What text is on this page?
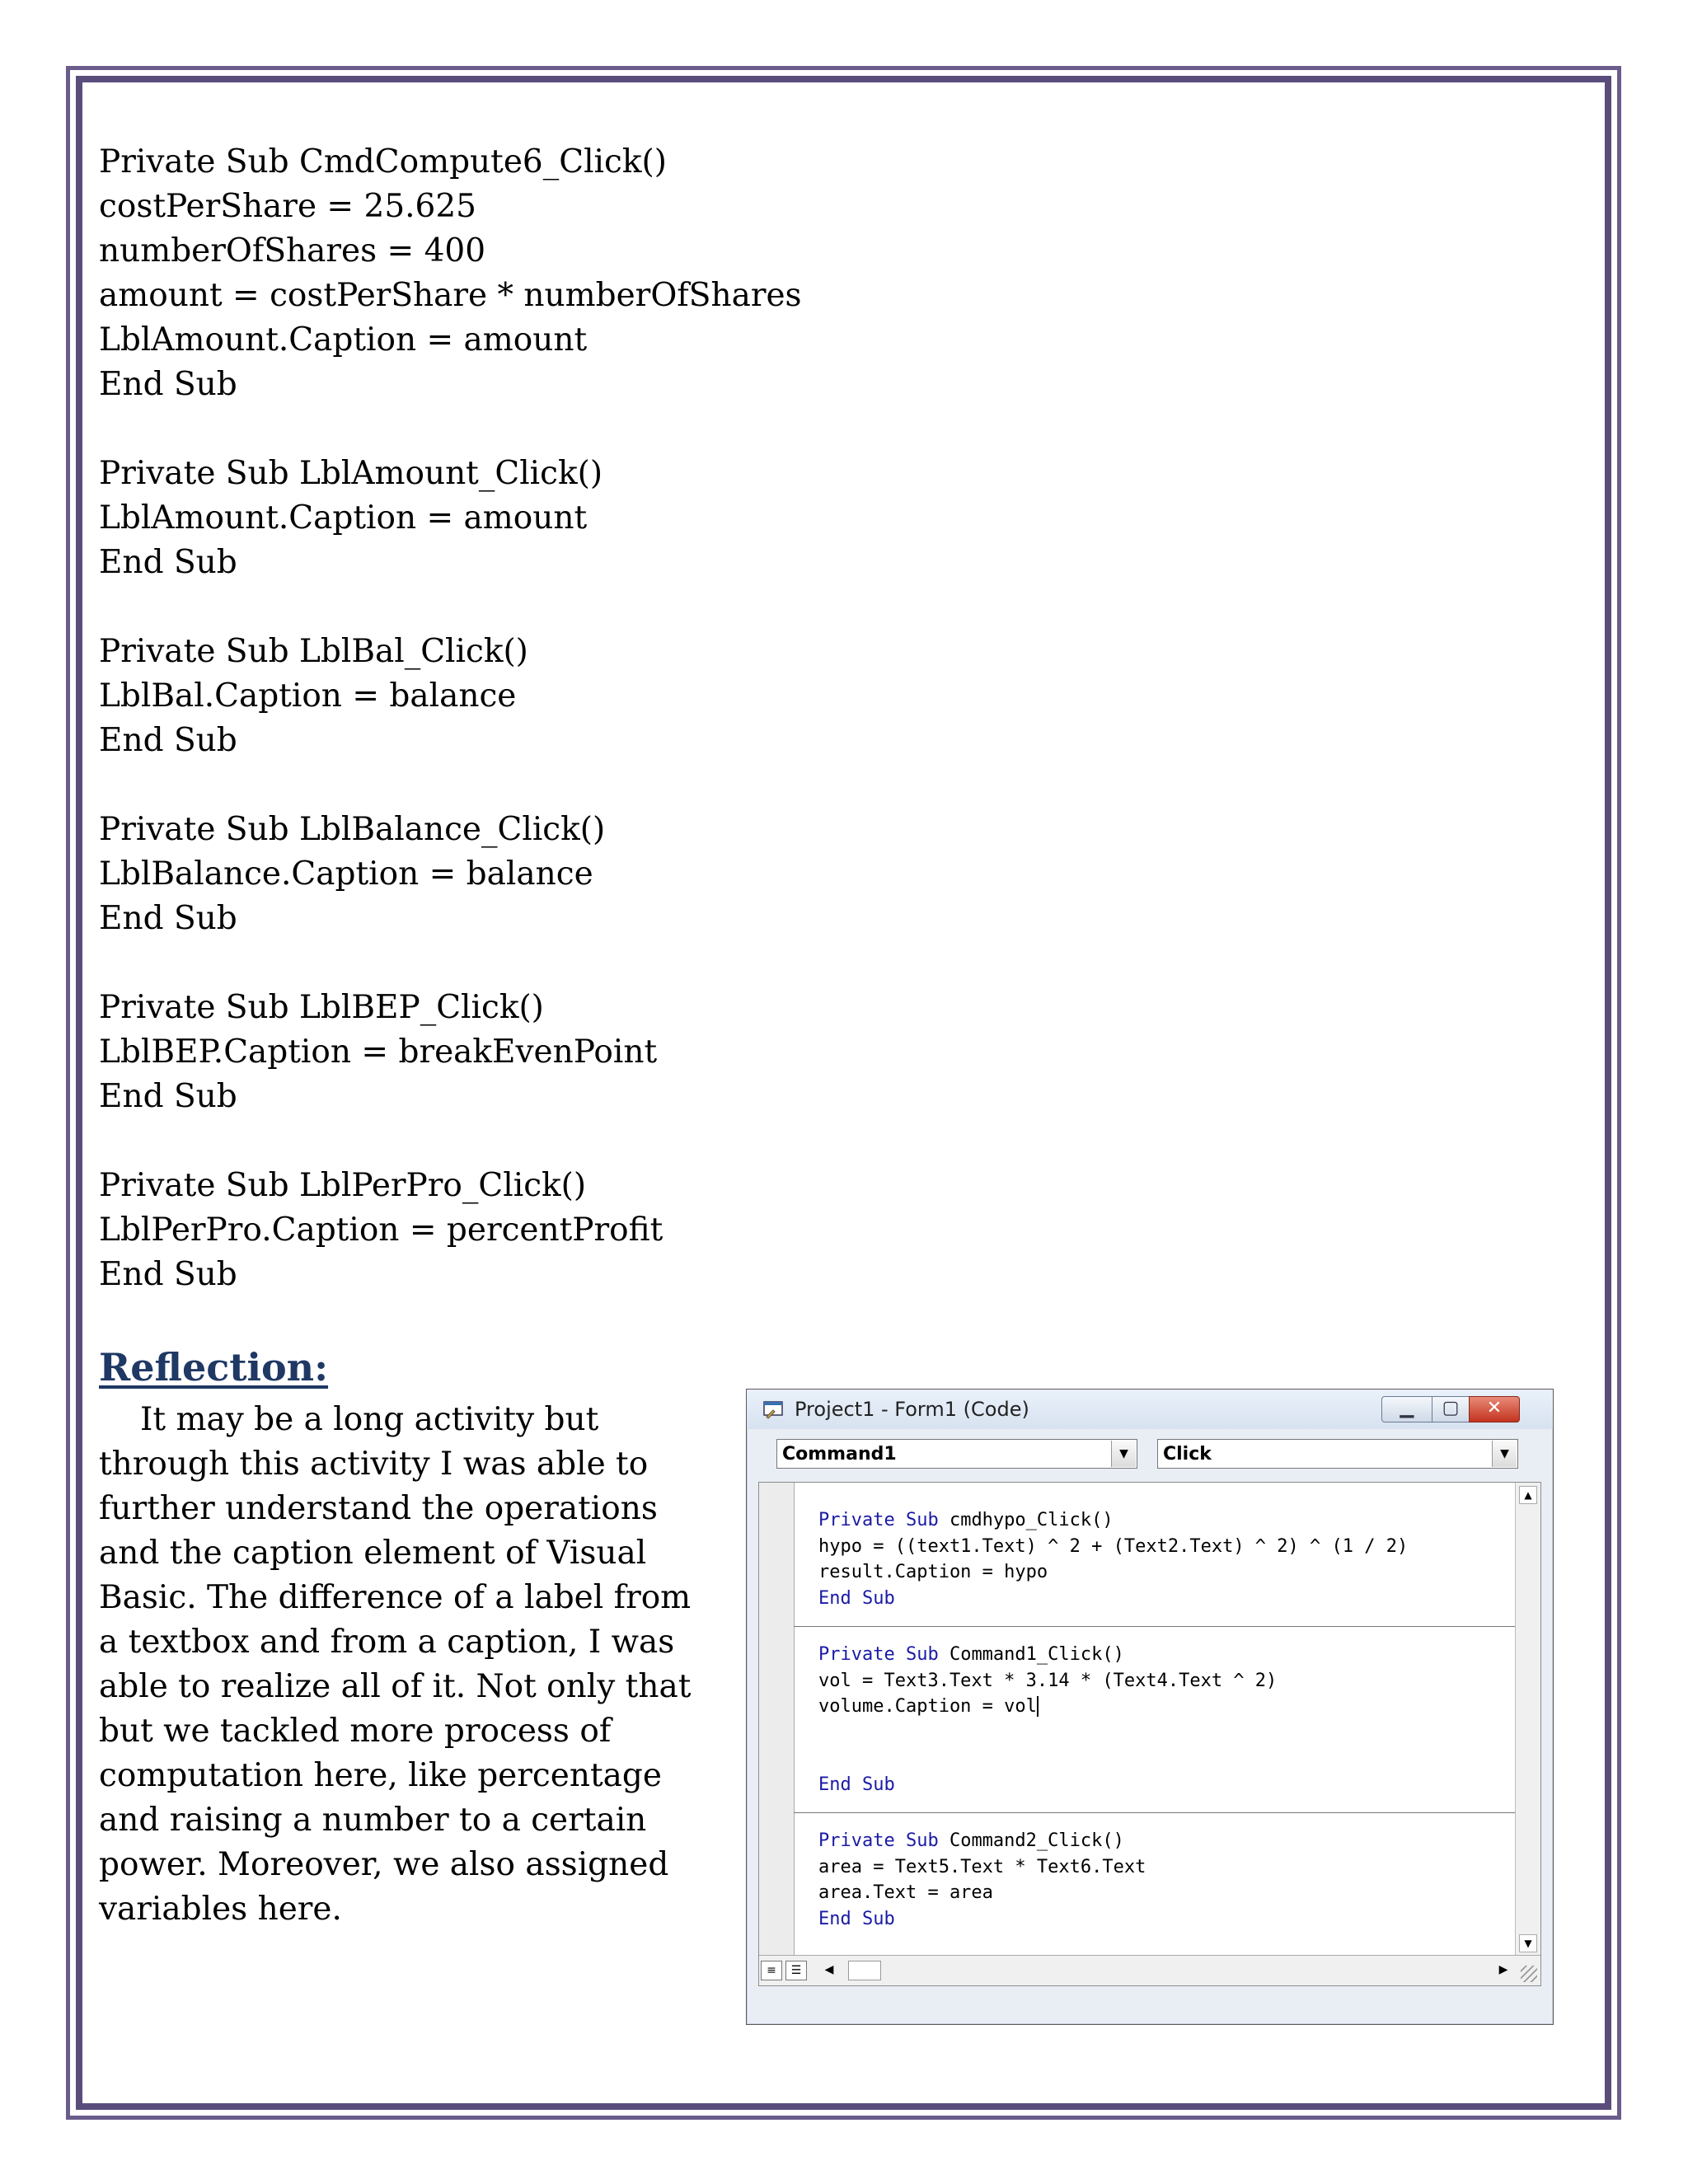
Private Sub CmdCompute6_Click()
costPerShare = 25.625
numberOfShares = 400
amount = costPerShare * numberOfShares
LblAmount.Caption = amount
End Sub
Private Sub LblAmount_Click()
LblAmount.Caption = amount
End Sub
Private Sub LblBal_Click()
LblBal.Caption = balance
End Sub
Private Sub LblBalance_Click()
LblBalance.Caption = balance
End Sub
Private Sub LblBEP_Click()
LblBEP.Caption = breakEvenPoint
End Sub
Private Sub LblPerPro_Click()
LblPerPro.Caption = percentProfit
End Sub
Reflection:
It may be a long activity but through this activity I was able to further understand the operations and the caption element of Visual Basic. The difference of a label from a textbox and from a caption, I was able to realize all of it. Not only that but we tackled more process of computation here, like percentage and raising a number to a certain power. Moreover, we also assigned variables here.
Project1 - Form1 (Code)	▁	▢	✕
Command1	▼	Click	▼
Private Sub cmdhypo_Click()
hypo = ((text1.Text) ^ 2 + (Text2.Text) ^ 2) ^ (1 / 2)
result.Caption = hypo
End Sub
Private Sub Command1_Click()
vol = Text3.Text * 3.14 * (Text4.Text ^ 2)
volume.Caption = vol

End Sub
Private Sub Command2_Click()
area = Text5.Text * Text6.Text
area.Text = area
End Sub
▲
▼
≡	☰	◀	▶
